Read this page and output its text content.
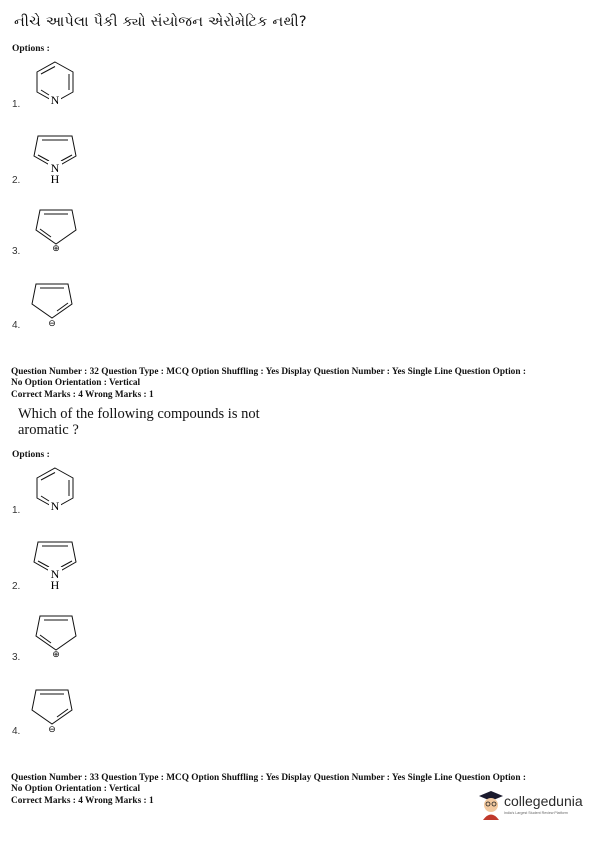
નીચે આપેલા પૈકી ક્યો સંયોજન એરોમેટિક નથી?
Options :
1.	N
2.
N
H
3.	⊕
4.	⊖
Question Number : 32 Question Type : MCQ Option Shuffling : Yes Display Question Number : Yes Single Line Question Option :
No Option Orientation : Vertical
Correct Marks : 4 Wrong Marks : 1
Which of the following compounds is not
aromatic ?
Options :
1.	N
2.
N
H
3.	⊕
4.	⊖
Question Number : 33 Question Type : MCQ Option Shuffling : Yes Display Question Number : Yes Single Line Question Option :
No Option Orientation : Vertical
Correct Marks : 4 Wrong Marks : 1	collegedunia
India's Largest Student Review Platform
